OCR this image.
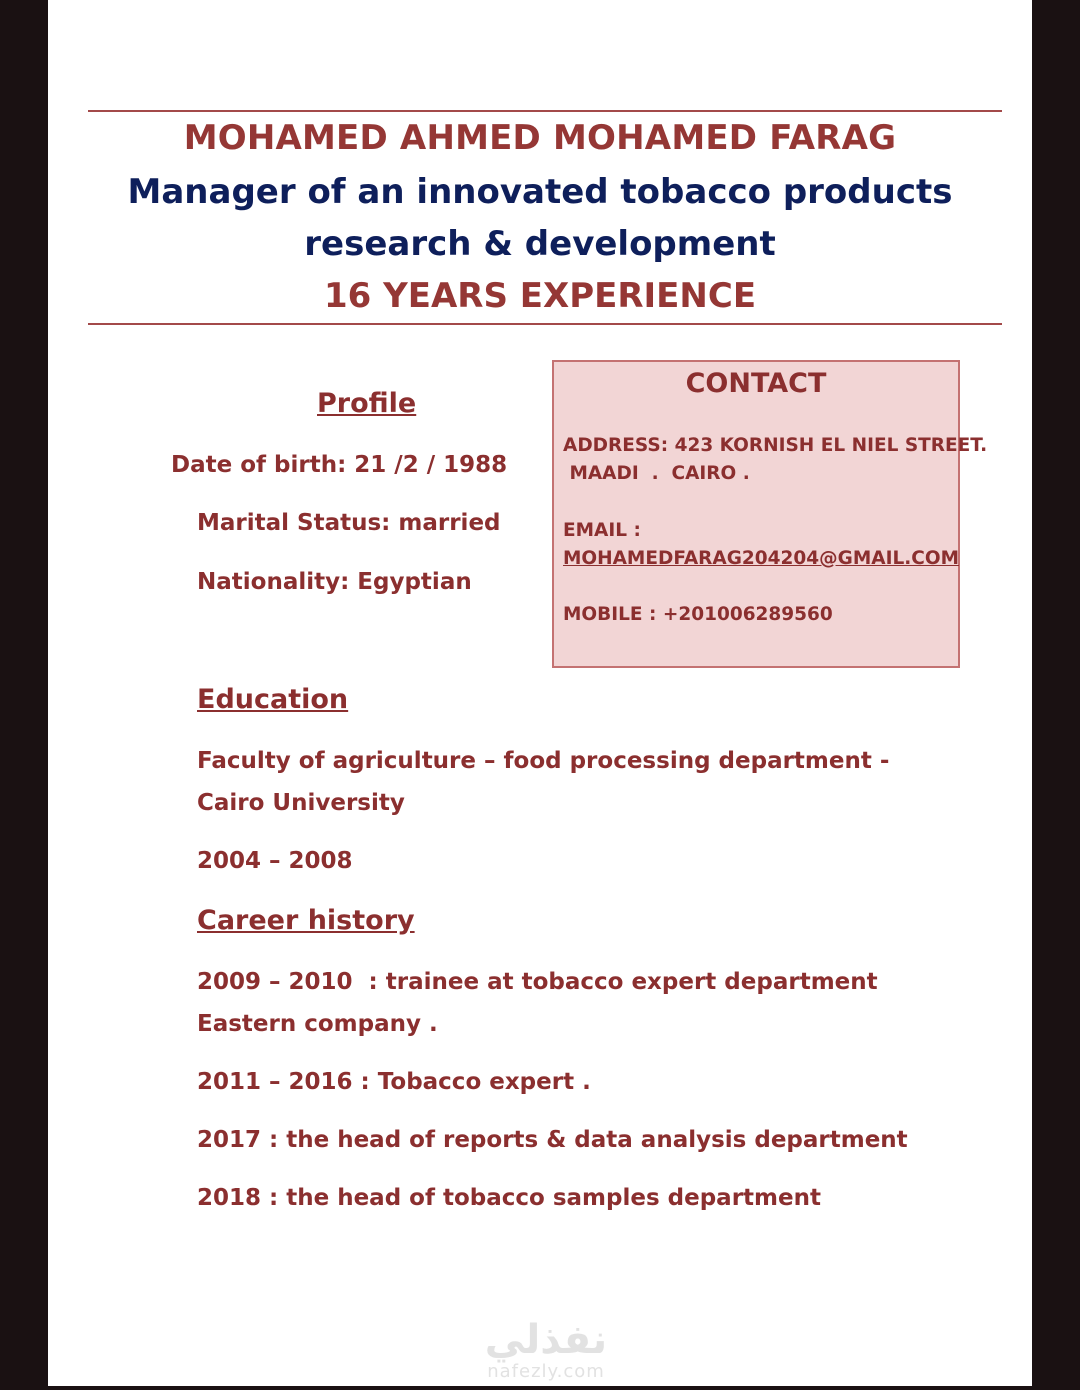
MOHAMED AHMED MOHAMED FARAG
Manager of an innovated tobacco products
research & development
16 YEARS EXPERIENCE
Profile
Date of birth: 21 /2 / 1988
Marital Status: married
Nationality: Egyptian
CONTACT
ADDRESS: 423 KORNISH EL NIEL STREET.
MAADI  .  CAIRO .
EMAIL :
MOHAMEDFARAG204204@GMAIL.COM
MOBILE : +201006289560
Education
Faculty of agriculture – food processing department -
Cairo University
2004 – 2008
Career history
2009 – 2010  : trainee at tobacco expert department
Eastern company .
2011 – 2016 : Tobacco expert .
2017 : the head of reports & data analysis department
2018 : the head of tobacco samples department
نفذلي
nafezly.com
